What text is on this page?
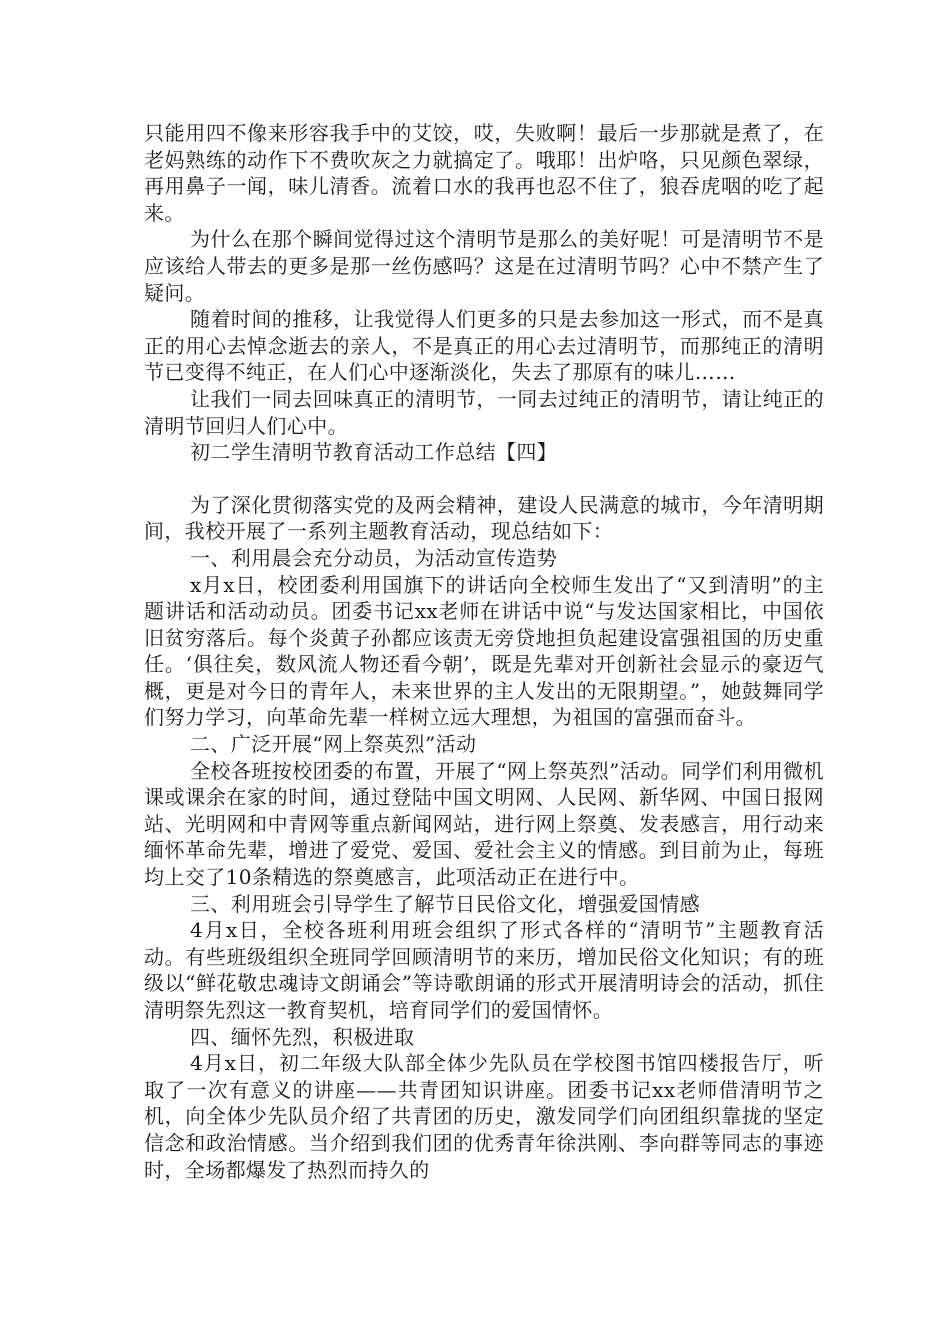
只能用四不像来形容我手中的艾饺，哎，失败啊！最后一步那就是煮了，在老妈熟练的动作下不费吹灰之力就搞定了。哦耶！出炉咯，只见颜色翠绿，再用鼻子一闻，味儿清香。流着口水的我再也忍不住了，狼吞虎咽的吃了起来。

为什么在那个瞬间觉得过这个清明节是那么的美好呢！可是清明节不是应该给人带去的更多是那一丝伤感吗？这是在过清明节吗？心中不禁产生了疑问。

随着时间的推移，让我觉得人们更多的只是去参加这一形式，而不是真正的用心去悼念逝去的亲人，不是真正的用心去过清明节，而那纯正的清明节已变得不纯正，在人们心中逐渐淡化，失去了那原有的味儿……

让我们一同去回味真正的清明节，一同去过纯正的清明节，请让纯正的清明节回归人们心中。

初二学生清明节教育活动工作总结【四】

为了深化贯彻落实党的及两会精神，建设人民满意的城市，今年清明期间，我校开展了一系列主题教育活动，现总结如下：

一、利用晨会充分动员，为活动宣传造势

x月x日，校团委利用国旗下的讲话向全校师生发出了“又到清明”的主题讲话和活动动员。团委书记xx老师在讲话中说“与发达国家相比，中国依旧贫穷落后。每个炎黄子孙都应该责无旁贷地担负起建设富强祖国的历史重任。‘俱往矣，数风流人物还看今朝’，既是先辈对开创新社会显示的豪迈气概，更是对今日的青年人，未来世界的主人发出的无限期望。”，她鼓舞同学们努力学习，向革命先辈一样树立远大理想，为祖国的富强而奋斗。

二、广泛开展“网上祭英烈”活动

全校各班按校团委的布置，开展了“网上祭英烈”活动。同学们利用微机课或课余在家的时间，通过登陆中国文明网、人民网、新华网、中国日报网站、光明网和中青网等重点新闻网站，进行网上祭奠、发表感言，用行动来缅怀革命先辈，增进了爱党、爱国、爱社会主义的情感。到目前为止，每班均上交了10条精选的祭奠感言，此项活动正在进行中。

三、利用班会引导学生了解节日民俗文化，增强爱国情感

4月x日，全校各班利用班会组织了形式各样的“清明节”主题教育活动。有些班级组织全班同学回顾清明节的来历，增加民俗文化知识；有的班级以“鲜花敬忠魂诗文朗诵会”等诗歌朗诵的形式开展清明诗会的活动，抓住清明祭先烈这一教育契机，培育同学们的爱国情怀。

四、缅怀先烈，积极进取

4月x日，初二年级大队部全体少先队员在学校图书馆四楼报告厅，听取了一次有意义的讲座——共青团知识讲座。团委书记xx老师借清明节之机，向全体少先队员介绍了共青团的历史，激发同学们向团组织靠拢的坚定信念和政治情感。当介绍到我们团的优秀青年徐洪刚、李向群等同志的事迹时，全场都爆发了热烈而持久的
